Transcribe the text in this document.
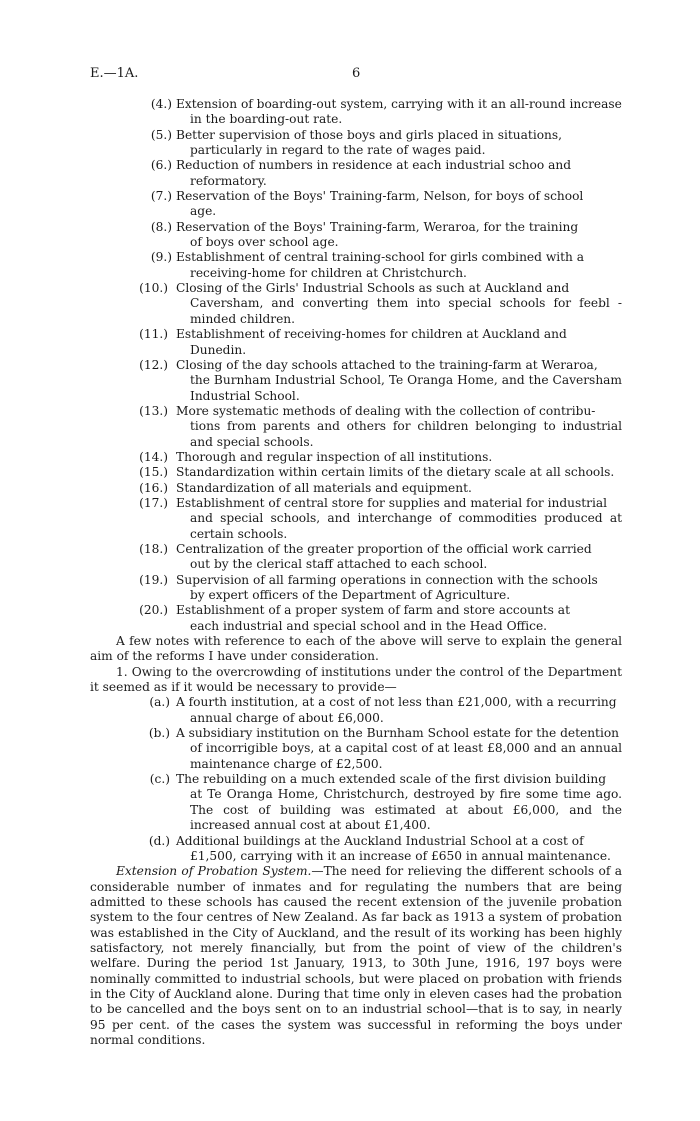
E.—1A.	6
(4.) Extension of boarding-out system, carrying with it an all-round increase
in the boarding-out rate.
(5.) Better supervision of those boys and girls placed in situations,
particularly in regard to the rate of wages paid.
(6.) Reduction of numbers in residence at each industrial schoo and
reformatory.
(7.) Reservation of the Boys' Training-farm, Nelson, for boys of school
age.
(8.) Reservation of the Boys' Training-farm, Weraroa, for the training
of boys over school age.
(9.) Establishment of central training-school for girls combined with a
receiving-home for children at Christchurch.
(10.) Closing of the Girls' Industrial Schools as such at Auckland and
Caversham, and converting them into special schools for feebl - minded children.
(11.) Establishment of receiving-homes for children at Auckland and
Dunedin.
(12.) Closing of the day schools attached to the training-farm at Weraroa,
the Burnham Industrial School, Te Oranga Home, and the Caversham Industrial School.
(13.) More systematic methods of dealing with the collection of contribu-
tions from parents and others for children belonging to industrial and special schools.
(14.) Thorough and regular inspection of all institutions.
(15.) Standardization within certain limits of the dietary scale at all schools.
(16.) Standardization of all materials and equipment.
(17.) Establishment of central store for supplies and material for industrial
and special schools, and interchange of commodities produced at certain schools.
(18.) Centralization of the greater proportion of the official work carried
out by the clerical staff attached to each school.
(19.) Supervision of all farming operations in connection with the schools
by expert officers of the Department of Agriculture.
(20.) Establishment of a proper system of farm and store accounts at
each industrial and special school and in the Head Office.

A few notes with reference to each of the above will serve to explain the general aim of the reforms I have under consideration.

1. Owing to the overcrowding of institutions under the control of the Department it seemed as if it would be necessary to provide—

(a.) A fourth institution, at a cost of not less than £21,000, with a recurring
annual charge of about £6,000.
(b.) A subsidiary institution on the Burnham School estate for the detention
of incorrigible boys, at a capital cost of at least £8,000 and an annual maintenance charge of £2,500.
(c.) The rebuilding on a much extended scale of the first division building
at Te Oranga Home, Christchurch, destroyed by fire some time ago. The cost of building was estimated at about £6,000, and the increased annual cost at about £1,400.
(d.) Additional buildings at the Auckland Industrial School at a cost of
£1,500, carrying with it an increase of £650 in annual maintenance.

Extension of Probation System.—The need for relieving the different schools of a considerable number of inmates and for regulating the numbers that are being admitted to these schools has caused the recent extension of the juvenile probation system to the four centres of New Zealand. As far back as 1913 a system of probation was established in the City of Auckland, and the result of its working has been highly satisfactory, not merely financially, but from the point of view of the children's welfare. During the period 1st January, 1913, to 30th June, 1916, 197 boys were nominally committed to industrial schools, but were placed on probation with friends in the City of Auckland alone. During that time only in eleven cases had the probation to be cancelled and the boys sent on to an industrial school—that is to say, in nearly 95 per cent. of the cases the system was successful in reforming the boys under normal conditions.
